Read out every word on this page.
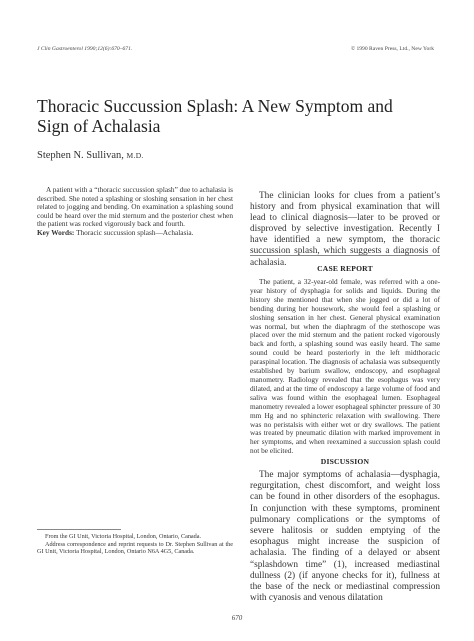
J Clin Gastroenterol 1990;12(6):670–671.	© 1990 Raven Press, Ltd., New York
Thoracic Succussion Splash: A New Symptom and
Sign of Achalasia
Stephen N. Sullivan, M.D.

A patient with a “thoracic succussion splash” due to achalasia is described. She noted a splashing or sloshing sensation in her chest related to jogging and bending. On examination a splashing sound could be heard over the mid sternum and the posterior chest when the patient was rocked vigorously back and fourth.

Key Words: Thoracic succussion splash—Achalasia.

The clinician looks for clues from a patient’s history and from physical examination that will lead to clinical diagnosis—later to be proved or disproved by selective investigation. Recently I have identified a new symptom, the thoracic succussion splash, which suggests a diagnosis of achalasia.

CASE REPORT

The patient, a 32-year-old female, was referred with a one-year history of dysphagia for solids and liquids. During the history she mentioned that when she jogged or did a lot of bending during her housework, she would feel a splashing or sloshing sensation in her chest. General physical examination was normal, but when the diaphragm of the stethoscope was placed over the mid sternum and the patient rocked vigorously back and forth, a splashing sound was easily heard. The same sound could be heard posteriorly in the left midthoracic paraspinal location. The diagnosis of achalasia was subsequently established by barium swallow, endoscopy, and esophageal manometry. Radiology revealed that the esophagus was very dilated, and at the time of endoscopy a large volume of food and saliva was found within the esophageal lumen. Esophageal manometry revealed a lower esophageal sphincter pressure of 30 mm Hg and no sphincteric relaxation with swallowing. There was no peristalsis with either wet or dry swallows. The patient was treated by pneumatic dilation with marked improvement in her symptoms, and when reexamined a succussion splash could not be elicited.

DISCUSSION

The major symptoms of achalasia—dysphagia, regurgitation, chest discomfort, and weight loss can be found in other disorders of the esophagus. In conjunction with these symptoms, prominent pulmonary complications or the symptoms of severe halitosis or sudden emptying of the esophagus might increase the suspicion of achalasia. The finding of a delayed or absent “splashdown time” (1), increased mediastinal dullness (2) (if anyone checks for it), fullness at the base of the neck or mediastinal compression with cyanosis and venous dilatation

From the GI Unit, Victoria Hospital, London, Ontario, Canada.

Address correspondence and reprint requests to Dr. Stephen Sullivan at the GI Unit, Victoria Hospital, London, Ontario N6A 4G5, Canada.

670
